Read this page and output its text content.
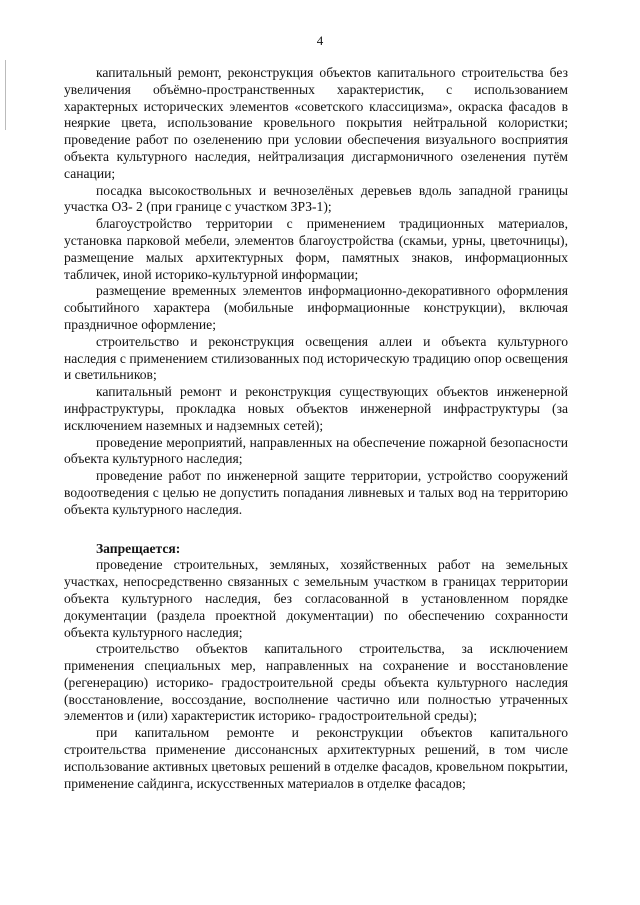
4

капитальный ремонт, реконструкция объектов капитального строительства без увеличения объёмно-пространственных характеристик, с использованием характерных исторических элементов «советского классицизма», окраска фасадов в неяркие цвета, использование кровельного покрытия нейтральной колористки; проведение работ по озеленению при условии обеспечения визуального восприятия объекта культурного наследия, нейтрализация дисгармоничного озеленения путём санации;

посадка высокоствольных и вечнозелёных деревьев вдоль западной границы участка ОЗ- 2 (при границе с участком ЗРЗ-1);

благоустройство территории с применением традиционных материалов, установка парковой мебели, элементов благоустройства (скамьи, урны, цветочницы), размещение малых архитектурных форм, памятных знаков, информационных табличек, иной историко-культурной информации;

размещение временных элементов информационно-декоративного оформления событийного характера (мобильные информационные конструкции), включая праздничное оформление;

строительство и реконструкция освещения аллеи и объекта культурного наследия с применением стилизованных под историческую традицию опор освещения и светильников;

капитальный ремонт и реконструкция существующих объектов инженерной инфраструктуры, прокладка новых объектов инженерной инфраструктуры (за исключением наземных и надземных сетей);

проведение мероприятий, направленных на обеспечение пожарной безопасности объекта культурного наследия;

проведение работ по инженерной защите территории, устройство сооружений водоотведения с целью не допустить попадания ливневых и талых вод на территорию объекта культурного наследия.

Запрещается:

проведение строительных, земляных, хозяйственных работ на земельных участках, непосредственно связанных с земельным участком в границах территории объекта культурного наследия, без согласованной в установленном порядке документации (раздела проектной документации) по обеспечению сохранности объекта культурного наследия;

строительство объектов капитального строительства, за исключением применения специальных мер, направленных на сохранение и восстановление (регенерацию) историко- градостроительной среды объекта культурного наследия (восстановление, воссоздание, восполнение частично или полностью утраченных элементов и (или) характеристик историко- градостроительной среды);

при капитальном ремонте и реконструкции объектов капитального строительства применение диссонансных архитектурных решений, в том числе использование активных цветовых решений в отделке фасадов, кровельном покрытии, применение сайдинга, искусственных материалов в отделке фасадов;
